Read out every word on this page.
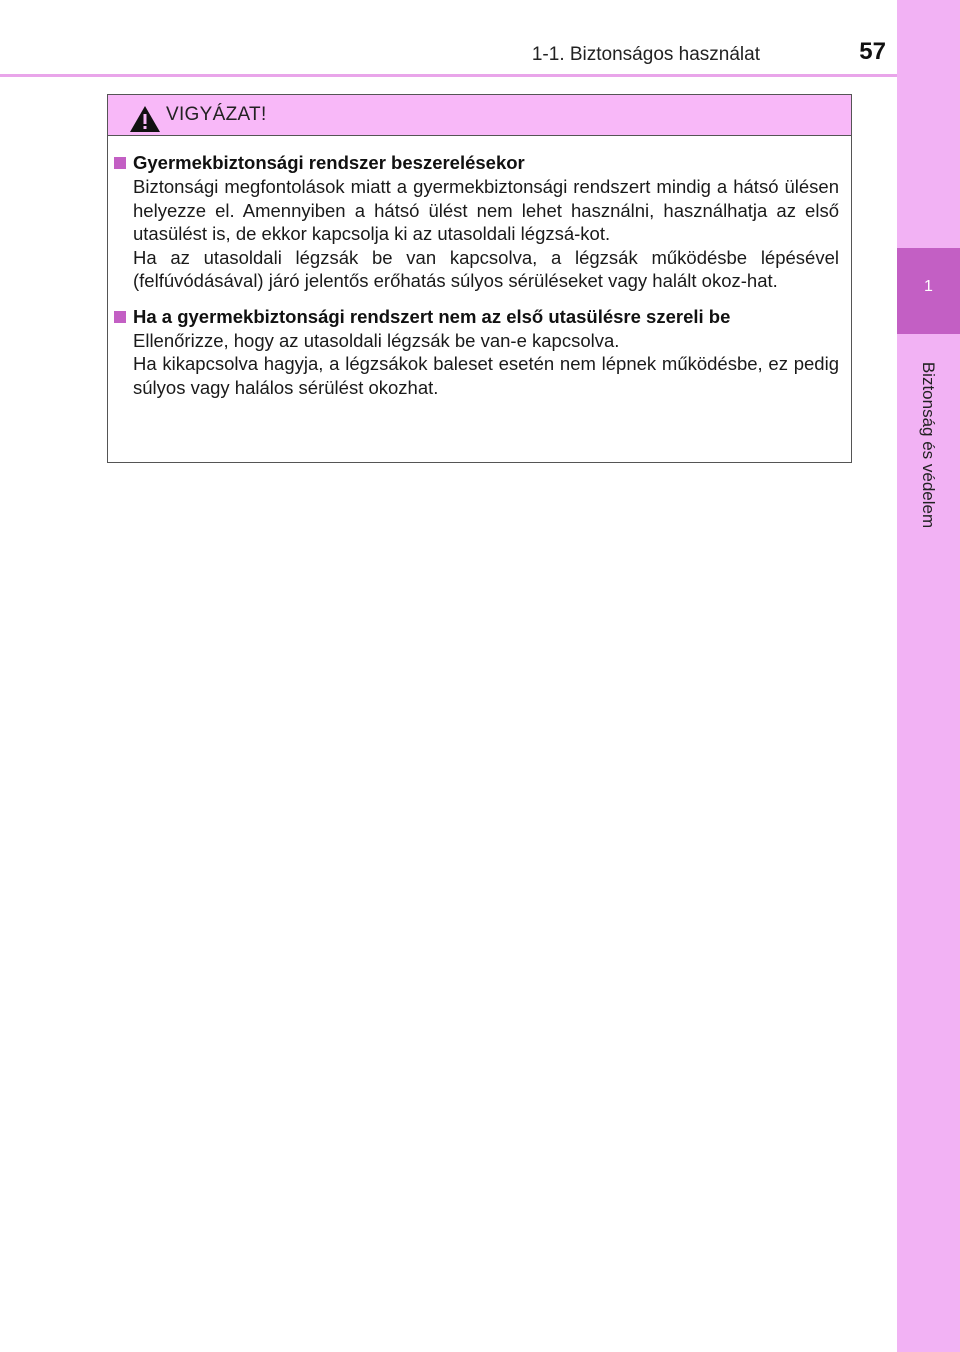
1-1. Biztonságos használat	57
1
Biztonság és védelem
VIGYÁZAT!
Gyermekbiztonsági rendszer beszerelésekor
Biztonsági megfontolások miatt a gyermekbiztonsági rendszert mindig a hátsó ülésen helyezze el. Amennyiben a hátsó ülést nem lehet használni, használhatja az első utasülést is, de ekkor kapcsolja ki az utasoldali légzsá-kot.
Ha az utasoldali légzsák be van kapcsolva, a légzsák működésbe lépésével (felfúvódásával) járó jelentős erőhatás súlyos sérüléseket vagy halált okoz-hat.
Ha a gyermekbiztonsági rendszert nem az első utasülésre szereli be
Ellenőrizze, hogy az utasoldali légzsák be van-e kapcsolva.
Ha kikapcsolva hagyja, a légzsákok baleset esetén nem lépnek működésbe, ez pedig súlyos vagy halálos sérülést okozhat.
